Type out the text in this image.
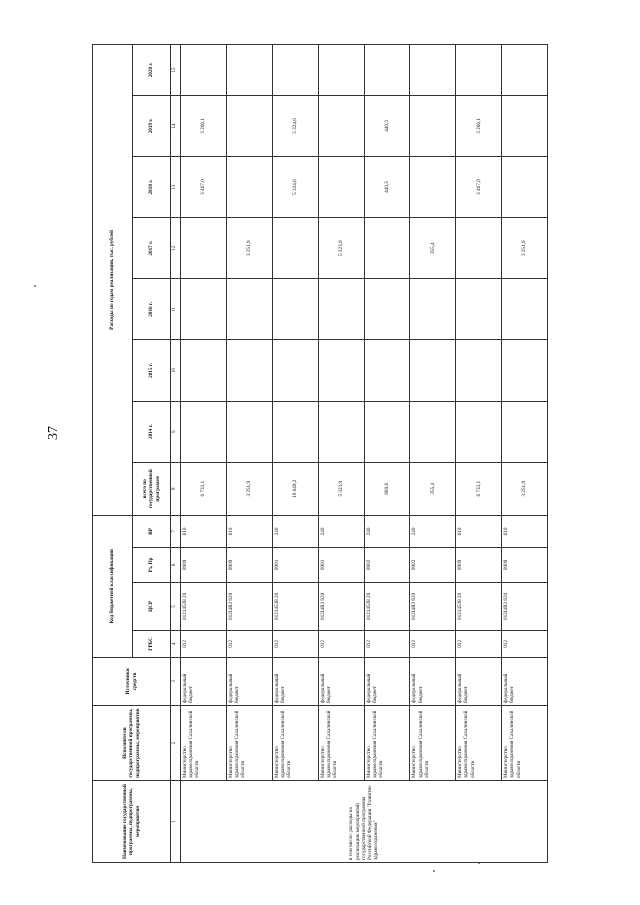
37
Наименование государственной программы, подпрограммы, мероприятия	Исполнители государственной программы, подпрограммы, мероприятия	Источники средств	Код бюджетной классификации				Расходы по годам реализации, тыс. рублей							
			ГРБС	ЦСР	Рз, Пр	ВР	всего по государственной программе	2014 г.	2015 г.	2016 г.	2017 г.	2018 г.	2019 г.	2020 г.
1	2	3	4	5	6	7	8	9	10	11	12	13	14	15
в том числе: расходы на реализацию мероприятий государственной программы Российской Федерации "Развитие здравоохранения"	Министерство здравоохранения Сахалинской области	федеральный бюджет	012	01214538 20	0909	610	6 733,1					3 467,0	3 266,1	
	Министерство здравоохранения Сахалинской области	федеральный бюджет	012	012I4R3 820	0909	610	3 251,9				3 251,9			
	Министерство здравоохранения Сахалинской области	федеральный бюджет	012	01214538 20	0901	240	10 649,2					5 324,6	5 324,6	
	Министерство здравоохранения Сахалинской области	федеральный бюджет	012	012I4R3 820	0901	240	5 323,9				5 323,9			
	Министерство здравоохранения Сахалинской области	федеральный бюджет	012	01214538 20	0902	240	880,6					440,3	440,3	
	Министерство здравоохранения Сахалинской области	федеральный бюджет	012	012I4R3 820	0902	240	355,4				355,4			
	Министерство здравоохранения Сахалинской области	федеральный бюджет	012	01214538 20	0909	610	6 733,1					3 467,0	3 266,1	
	Министерство здравоохранения Сахалинской области	федеральный бюджет	012	012I4R3 820	0909	610	3 251,9				3 251,9			
